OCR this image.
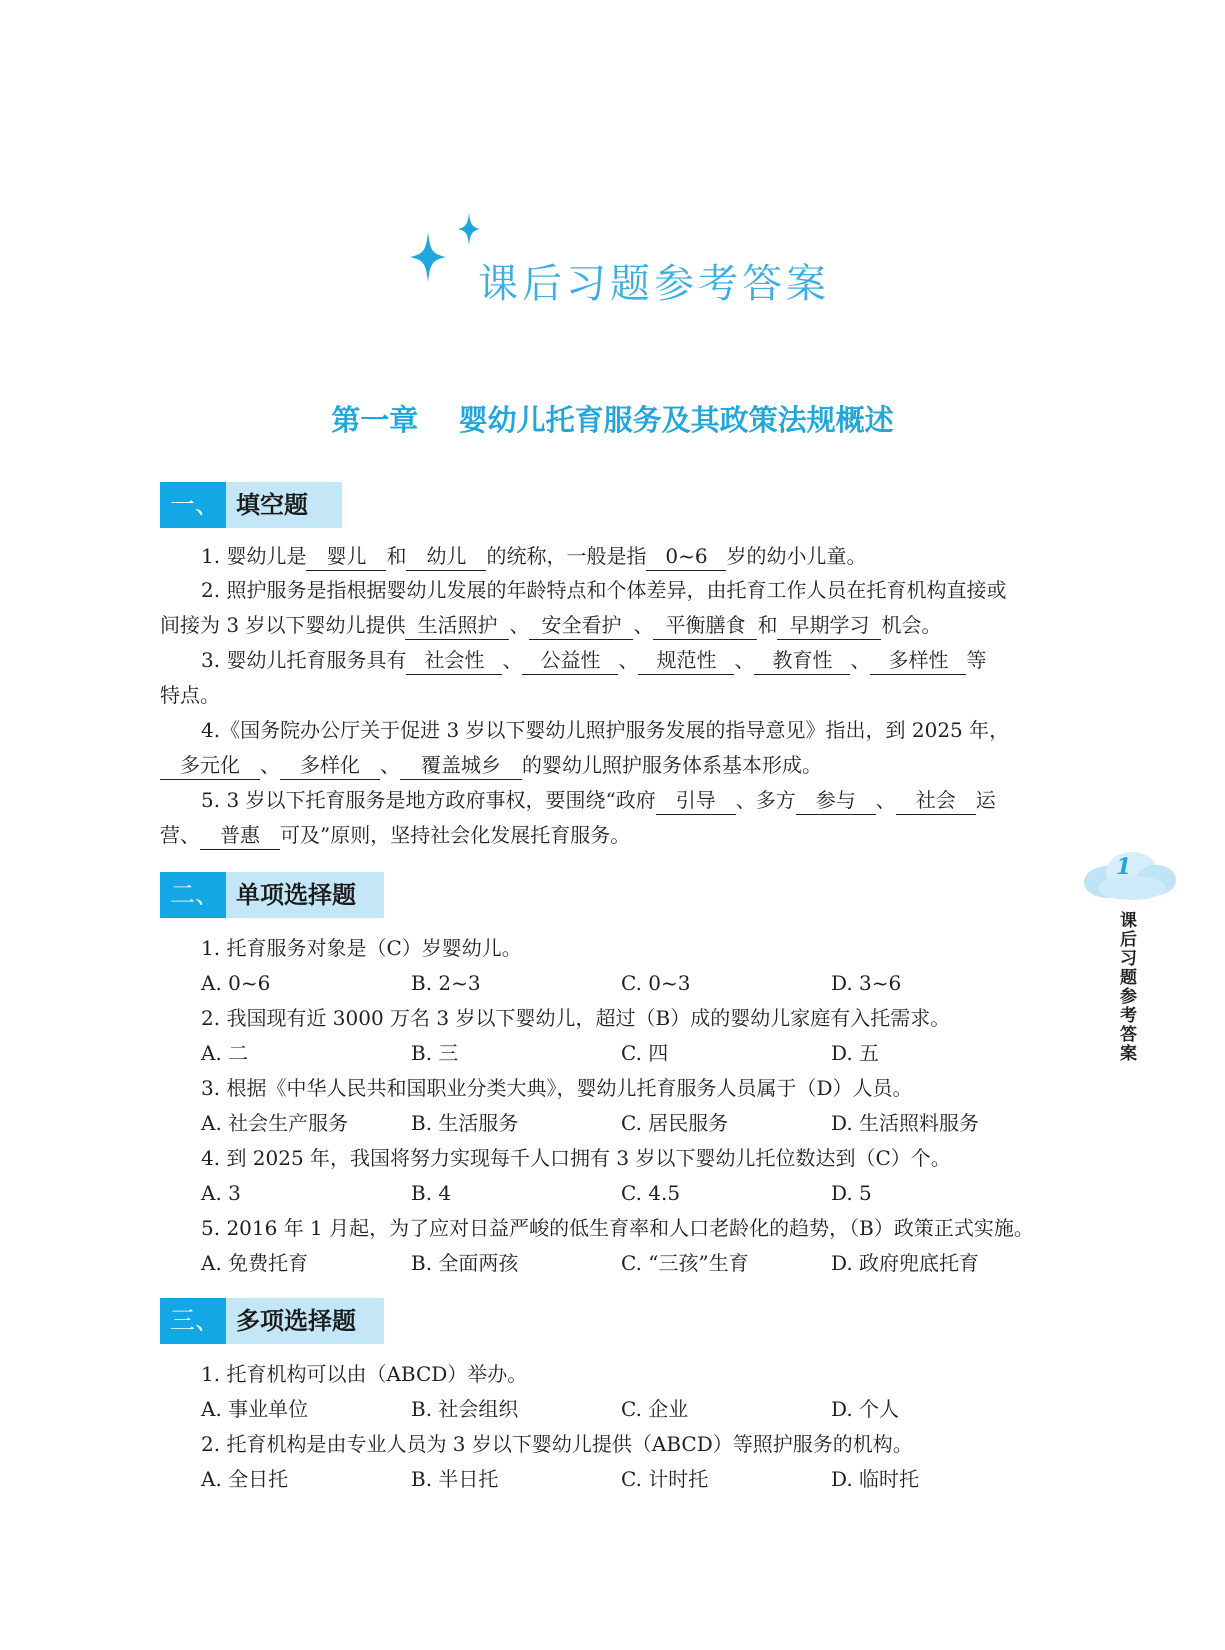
课后习题参考答案
第一章    婴幼儿托育服务及其政策法规概述
一、 填空题
1. 婴幼儿是 婴儿 和 幼儿 的统称，一般是指 0~6 岁的幼小儿童。
2. 照护服务是指根据婴幼儿发展的年龄特点和个体差异，由托育工作人员在托育机构直接或
间接为 3 岁以下婴幼儿提供 生活照护 、 安全看护 、 平衡膳食 和 早期学习 机会。
3. 婴幼儿托育服务具有 社会性 、 公益性 、 规范性 、 教育性 、 多样性 等
特点。
4.《国务院办公厅关于促进 3 岁以下婴幼儿照护服务发展的指导意见》指出，到 2025 年，
多元化 、 多样化 、 覆盖城乡 的婴幼儿照护服务体系基本形成。
5. 3 岁以下托育服务是地方政府事权，要围绕“政府 引导 、多方 参与 、 社会 运
营、 普惠 可及”原则，坚持社会化发展托育服务。
二、 单项选择题
1. 托育服务对象是（C）岁婴幼儿。
A. 0~6	B. 2~3	C. 0~3	D. 3~6
2. 我国现有近 3000 万名 3 岁以下婴幼儿，超过（B）成的婴幼儿家庭有入托需求。
A. 二	B. 三	C. 四	D. 五
3. 根据《中华人民共和国职业分类大典》，婴幼儿托育服务人员属于（D）人员。
A. 社会生产服务	B. 生活服务	C. 居民服务	D. 生活照料服务
4. 到 2025 年，我国将努力实现每千人口拥有 3 岁以下婴幼儿托位数达到（C）个。
A. 3	B. 4	C. 4.5	D. 5
5. 2016 年 1 月起，为了应对日益严峻的低生育率和人口老龄化的趋势，（B）政策正式实施。
A. 免费托育	B. 全面两孩	C. “三孩”生育	D. 政府兜底托育
三、 多项选择题
1. 托育机构可以由（ABCD）举办。
A. 事业单位	B. 社会组织	C. 企业	D. 个人
2. 托育机构是由专业人员为 3 岁以下婴幼儿提供（ABCD）等照护服务的机构。
A. 全日托	B. 半日托	C. 计时托	D. 临时托
1
课后习题参考答案
